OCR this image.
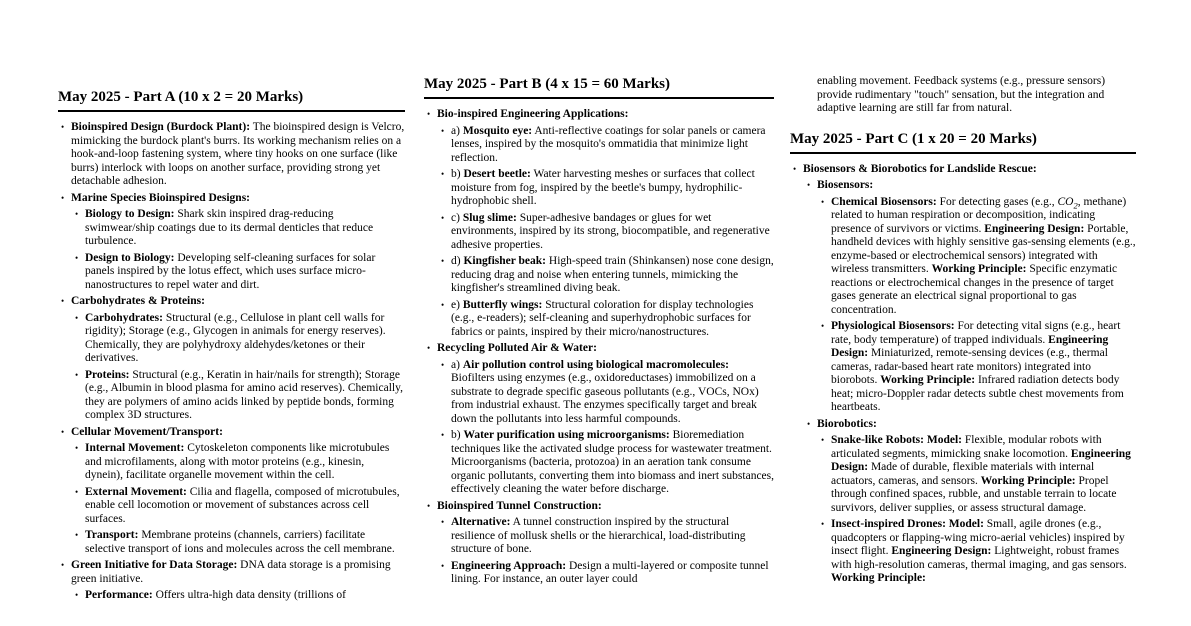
May 2025 - Part A (10 x 2 = 20 Marks)
• Bioinspired Design (Burdock Plant): The bioinspired design is Velcro, mimicking the burdock plant's burrs. Its working mechanism relies on a hook-and-loop fastening system, where tiny hooks on one surface (like burrs) interlock with loops on another surface, providing strong yet detachable adhesion.
• Marine Species Bioinspired Designs:
• Biology to Design: Shark skin inspired drag-reducing swimwear/ship coatings due to its dermal denticles that reduce turbulence.
• Design to Biology: Developing self-cleaning surfaces for solar panels inspired by the lotus effect, which uses surface micro-nanostructures to repel water and dirt.
• Carbohydrates & Proteins:
• Carbohydrates: Structural (e.g., Cellulose in plant cell walls for rigidity); Storage (e.g., Glycogen in animals for energy reserves). Chemically, they are polyhydroxy aldehydes/ketones or their derivatives.
• Proteins: Structural (e.g., Keratin in hair/nails for strength); Storage (e.g., Albumin in blood plasma for amino acid reserves). Chemically, they are polymers of amino acids linked by peptide bonds, forming complex 3D structures.
• Cellular Movement/Transport:
• Internal Movement: Cytoskeleton components like microtubules and microfilaments, along with motor proteins (e.g., kinesin, dynein), facilitate organelle movement within the cell.
• External Movement: Cilia and flagella, composed of microtubules, enable cell locomotion or movement of substances across cell surfaces.
• Transport: Membrane proteins (channels, carriers) facilitate selective transport of ions and molecules across the cell membrane.
• Green Initiative for Data Storage: DNA data storage is a promising green initiative.
• Performance: Offers ultra-high data density (trillions of
May 2025 - Part B (4 x 15 = 60 Marks)
• Bio-inspired Engineering Applications:
• a) Mosquito eye: Anti-reflective coatings for solar panels or camera lenses, inspired by the mosquito's ommatidia that minimize light reflection.
• b) Desert beetle: Water harvesting meshes or surfaces that collect moisture from fog, inspired by the beetle's bumpy, hydrophilic-hydrophobic shell.
• c) Slug slime: Super-adhesive bandages or glues for wet environments, inspired by its strong, biocompatible, and regenerative adhesive properties.
• d) Kingfisher beak: High-speed train (Shinkansen) nose cone design, reducing drag and noise when entering tunnels, mimicking the kingfisher's streamlined diving beak.
• e) Butterfly wings: Structural coloration for display technologies (e.g., e-readers); self-cleaning and superhydrophobic surfaces for fabrics or paints, inspired by their micro/nanostructures.
• Recycling Polluted Air & Water:
• a) Air pollution control using biological macromolecules: Biofilters using enzymes (e.g., oxidoreductases) immobilized on a substrate to degrade specific gaseous pollutants (e.g., VOCs, NOx) from industrial exhaust. The enzymes specifically target and break down the pollutants into less harmful compounds.
• b) Water purification using microorganisms: Bioremediation techniques like the activated sludge process for wastewater treatment. Microorganisms (bacteria, protozoa) in an aeration tank consume organic pollutants, converting them into biomass and inert substances, effectively cleaning the water before discharge.
• Bioinspired Tunnel Construction:
• Alternative: A tunnel construction inspired by the structural resilience of mollusk shells or the hierarchical, load-distributing structure of bone.
• Engineering Approach: Design a multi-layered or composite tunnel lining. For instance, an outer layer could

enabling movement. Feedback systems (e.g., pressure sensors) provide rudimentary "touch" sensation, but the integration and adaptive learning are still far from natural.

May 2025 - Part C (1 x 20 = 20 Marks)
• Biosensors & Biorobotics for Landslide Rescue:
• Biosensors:
• Chemical Biosensors: For detecting gases (e.g., $CO_2$, methane) related to human respiration or decomposition, indicating presence of survivors or victims. Engineering Design: Portable, handheld devices with highly sensitive gas-sensing elements (e.g., enzyme-based or electrochemical sensors) integrated with wireless transmitters. Working Principle: Specific enzymatic reactions or electrochemical changes in the presence of target gases generate an electrical signal proportional to gas concentration.
• Physiological Biosensors: For detecting vital signs (e.g., heart rate, body temperature) of trapped individuals. Engineering Design: Miniaturized, remote-sensing devices (e.g., thermal cameras, radar-based heart rate monitors) integrated into biorobots. Working Principle: Infrared radiation detects body heat; micro-Doppler radar detects subtle chest movements from heartbeats.
• Biorobotics:
• Snake-like Robots: Model: Flexible, modular robots with articulated segments, mimicking snake locomotion. Engineering Design: Made of durable, flexible materials with internal actuators, cameras, and sensors. Working Principle: Propel through confined spaces, rubble, and unstable terrain to locate survivors, deliver supplies, or assess structural damage.
• Insect-inspired Drones: Model: Small, agile drones (e.g., quadcopters or flapping-wing micro-aerial vehicles) inspired by insect flight. Engineering Design: Lightweight, robust frames with high-resolution cameras, thermal imaging, and gas sensors. Working Principle:
